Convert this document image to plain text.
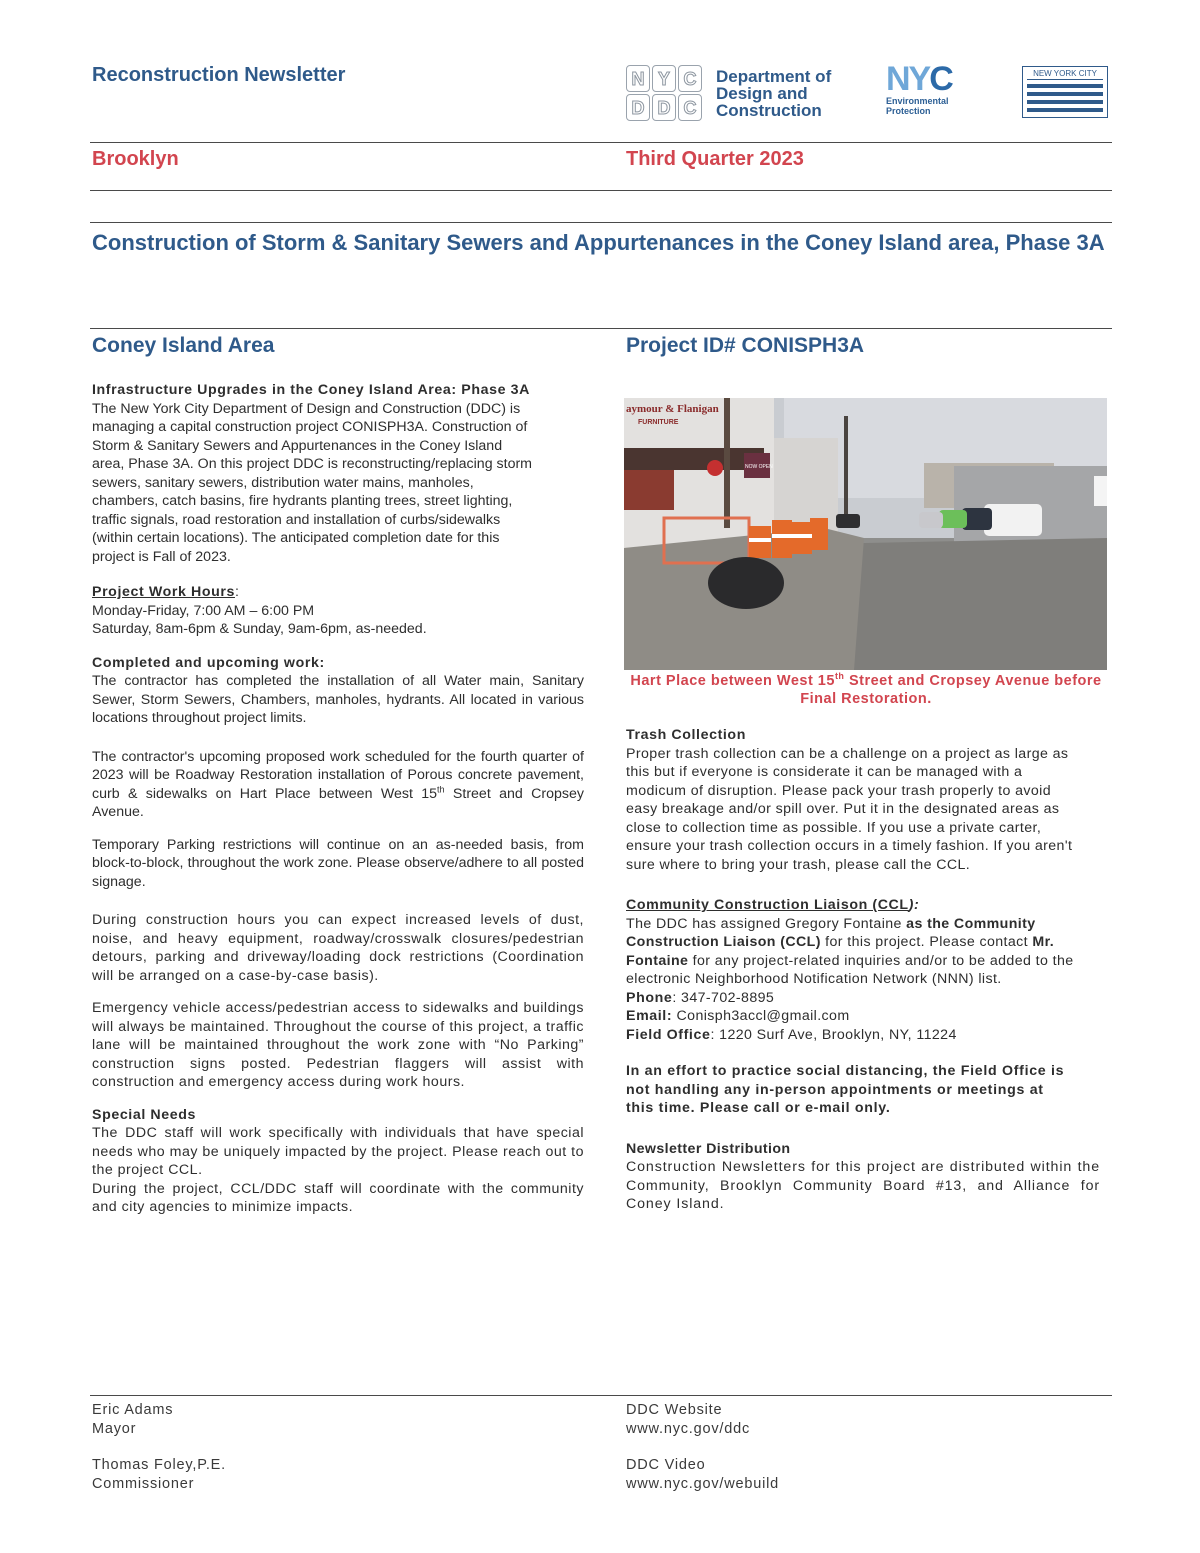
Reconstruction Newsletter	N Y C
D D C
Department of
Design and
Construction
NYC
Environmental
Protection
NEW YORK CITY
Brooklyn	Third Quarter 2023
Construction of Storm & Sanitary Sewers and Appurtenances in the Coney Island area, Phase 3A
Coney Island Area	Project ID# CONISPH3A
Infrastructure Upgrades in the Coney Island Area: Phase 3A
The New York City Department of Design and Construction (DDC) is managing a capital construction project CONISPH3A. Construction of Storm & Sanitary Sewers and Appurtenances in the Coney Island area, Phase 3A. On this project DDC is reconstructing/replacing storm sewers, sanitary sewers, distribution water mains, manholes, chambers, catch basins, fire hydrants planting trees, street lighting, traffic signals, road restoration and installation of curbs/sidewalks (within certain locations). The anticipated completion date for this project is Fall of 2023.
Project Work Hours:
Monday-Friday, 7:00 AM – 6:00 PM
Saturday, 8am-6pm & Sunday, 9am-6pm, as-needed.
Completed and upcoming work:
The contractor has completed the installation of all Water main, Sanitary Sewer, Storm Sewers, Chambers, manholes, hydrants. All located in various locations throughout project limits.
The contractor's upcoming proposed work scheduled for the fourth quarter of 2023 will be Roadway Restoration installation of Porous concrete pavement, curb & sidewalks on Hart Place between West 15th Street and Cropsey Avenue.
Temporary Parking restrictions will continue on an as-needed basis, from block-to-block, throughout the work zone. Please observe/adhere to all posted signage.
During construction hours you can expect increased levels of dust, noise, and heavy equipment, roadway/crosswalk closures/pedestrian detours, parking and driveway/loading dock restrictions (Coordination will be arranged on a case-by-case basis).
Emergency vehicle access/pedestrian access to sidewalks and buildings will always be maintained. Throughout the course of this project, a traffic lane will be maintained throughout the work zone with “No Parking” construction signs posted. Pedestrian flaggers will assist with construction and emergency access during work hours.
Special Needs
The DDC staff will work specifically with individuals that have special needs who may be uniquely impacted by the project. Please reach out to the project CCL.
During the project, CCL/DDC staff will coordinate with the community and city agencies to minimize impacts.
aymour & Flanigan
FURNITURE
NOW OPEN
Hart Place between West 15th Street and Cropsey Avenue before Final Restoration.
Trash Collection
Proper trash collection can be a challenge on a project as large as this but if everyone is considerate it can be managed with a modicum of disruption. Please pack your trash properly to avoid easy breakage and/or spill over. Put it in the designated areas as close to collection time as possible. If you use a private carter, ensure your trash collection occurs in a timely fashion. If you aren't sure where to bring your trash, please call the CCL.
Community Construction Liaison (CCL):
The DDC has assigned Gregory Fontaine as the Community Construction Liaison (CCL) for this project. Please contact Mr. Fontaine for any project-related inquiries and/or to be added to the electronic Neighborhood Notification Network (NNN) list.
Phone: 347-702-8895
Email: Conisph3accl@gmail.com
Field Office: 1220 Surf Ave, Brooklyn, NY, 11224
In an effort to practice social distancing, the Field Office is not handling any in-person appointments or meetings at this time. Please call or e-mail only.
Newsletter Distribution
Construction Newsletters for this project are distributed within the Community, Brooklyn Community Board #13, and Alliance for Coney Island.
Eric Adams
Mayor
Thomas Foley,P.E.
Commissioner
DDC Website
www.nyc.gov/ddc
DDC Video
www.nyc.gov/webuild
